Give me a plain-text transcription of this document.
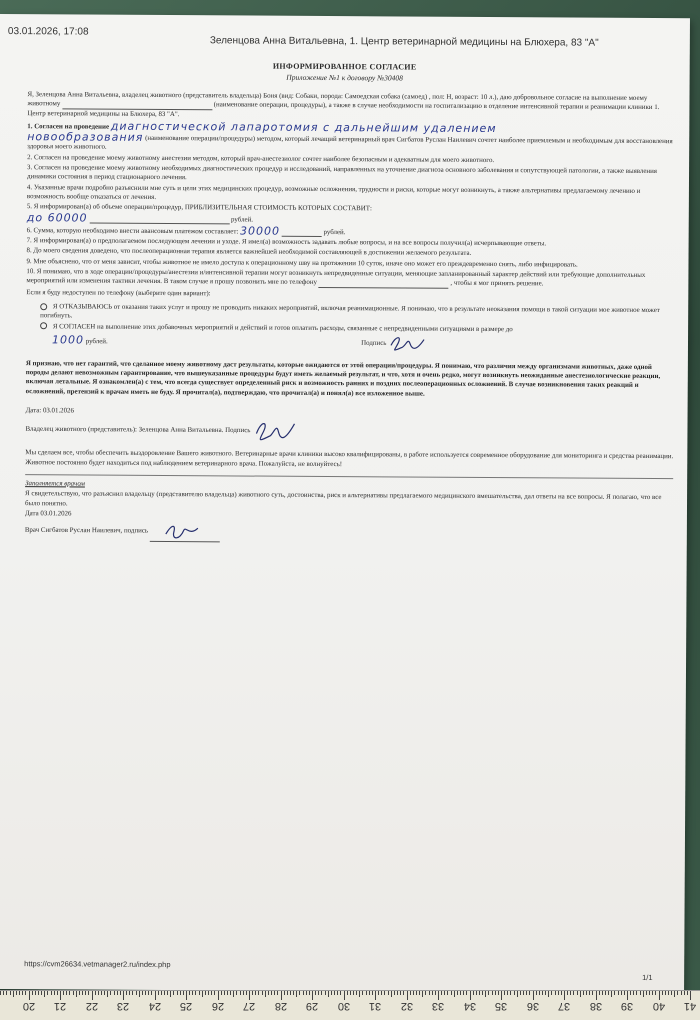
03.01.2026, 17:08
Зеленцова Анна Витальевна, 1. Центр ветеринарной медицины на Блюхера, 83 "А"
ИНФОРМИРОВАННОЕ СОГЛАСИЕ
Приложение №1 к договору №30408

Я, Зеленцова Анна Витальевна, владелец животного (представитель владельца) Боня (вид: Собаки, порода: Самоедская собака (самоед) , пол: Н, возраст: 10 л.), даю добровольное согласие на выполнение моему животному	(наименование операции, процедуры), а также в случае необходимости на госпитализацию в отделение интенсивной терапии и реанимации клиники 1. Центр ветеринарной медицины на Блюхера, 83 "А".

1. Согласен на проведение диагностической лапаротомия с дальнейшим удалением
новообразования (наименование операции/процедуры) методом, который лечащий ветеринарный врач Сигбатов Руслан Наилевич сочтет наиболее приемлемым и необходимым для восстановления здоровья моего животного.

2. Согласен на проведение моему животному анестезии методом, который врач-анестезиолог сочтет наиболее безопасным и адекватным для моего животного.

3. Согласен на проведение моему животному необходимых диагностических процедур и исследований, направленных на уточнение диагноза основного заболевания и сопутствующей патологии, а также выявления динамики состояния в период стационарного лечения.

4. Указанные врачи подробно разъяснили мне суть и цели этих медицинских процедур, возможные осложнения, трудности и риски, которые могут возникнуть, а также альтернативы предлагаемому лечению и возможность вообще отказаться от лечения.

5. Я информирован(а) об объеме операции/процедур, ПРИБЛИЗИТЕЛЬНАЯ СТОИМОСТЬ КОТОРЫХ СОСТАВИТ:
до 60000	рублей.

6. Сумма, которую необходимо внести авансовым платежом составляет: 30000	рублей.

7. Я информирован(а) о предполагаемом последующем лечении и уходе. Я имел(а) возможность задавать любые вопросы, и на все вопросы получил(а) исчерпывающие ответы.

8. До моего сведения доведено, что послеоперационная терапия является важнейшей необходимой составляющей в достижении желаемого результата.

9. Мне объяснено, что от меня зависит, чтобы животное не имело доступа к операционному шву на протяжении 10 суток, иначе оно может его преждевременно снять, либо инфицировать.

10. Я понимаю, что в ходе операции/процедуры/анестезии и/интенсивной терапии могут возникнуть непредвиденные ситуации, меняющие запланированный характер действий или требующие дополнительных мероприятий или изменения тактики лечения. В таком случае я прошу позвонить мне по телефону	, чтобы я мог принять решение.

Если я буду недоступен по телефону (выберите один вариант):

Я ОТКАЗЫВАЮСЬ от оказания таких услуг и прошу не проводить никаких мероприятий, включая реанимационные. Я понимаю, что в результате неоказания помощи в такой ситуации мое животное может погибнуть.

Я СОГЛАСЕН на выполнение этих добавочных мероприятий и действий и готов оплатить расходы, связанные с непредвиденными ситуациями в размере до
1000 рублей.	Подпись

Я признаю, что нет гарантий, что сделанное моему животному даст результаты, которые ожидаются от этой операции/процедуры. Я понимаю, что различия между организмами животных, даже одной породы делают невозможным гарантирование, что вышеуказанные процедуры будут иметь желаемый результат, и что, хотя и очень редко, могут возникнуть неожиданные анестезиологические реакции, включая летальные. Я ознакомлен(а) с тем, что всегда существует определенный риск и возможность ранних и поздних послеоперационных осложнений. В случае возникновения таких реакций и осложнений, претензий к врачам иметь не буду. Я прочитал(а), подтверждаю, что прочитал(а) и понял(а) все изложенное выше.

Дата: 03.01.2026

Владелец животного (представитель): Зеленцова Анна Витальевна. Подпись

Мы сделаем все, чтобы обеспечить выздоровление Вашего животного. Ветеринарные врачи клиники высоко квалифицированы, в работе используется современное оборудование для мониторинга и средства реанимации. Животное постоянно будет находиться под наблюдением ветеринарного врача. Пожалуйста, не волнуйтесь!

Заполняется врачом

Я свидетельствую, что разъяснил владельцу (представителю владельца) животного суть, достоинства, риск и альтернативы предлагаемого медицинского вмешательства, дал ответы на все вопросы. Я полагаю, что все было понятно.

Дата 03.01.2026

Врач Сигбатов Руслан Наилевич, подпись

https://cvm26634.vetmanager2.ru/index.php
1/1
41
40
39
38
37
36
35
34
33
32
31
30
29
28
27
26
25
24
23
22
21
20
